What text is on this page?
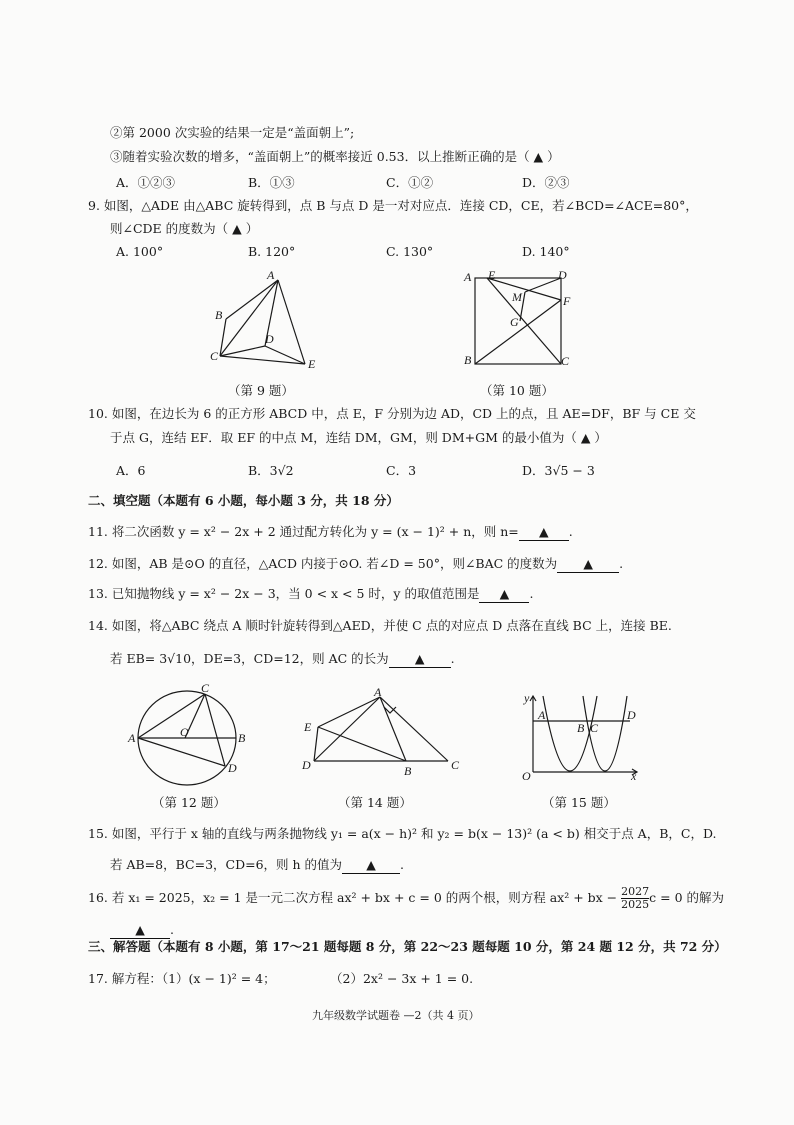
②第 2000 次实验的结果一定是“盖面朝上”;
③随着实验次数的增多，“盖面朝上”的概率接近 0.53．以上推断正确的是（ ▲ ）
A．①②③	B．①③	C．①②	D．②③
9. 如图，△ADE 由△ABC 旋转得到，点 B 与点 D 是一对对应点．连接 CD，CE，若∠BCD=∠ACE=80°，
则∠CDE 的度数为（ ▲ ）
A. 100°	B. 120°	C. 130°	D. 140°
A
B
C
D
E
（第 9 题）
A E	D
M	F
G
B	C
（第 10 题）
10. 如图，在边长为 6 的正方形 ABCD 中，点 E，F 分别为边 AD，CD 上的点，且 AE=DF，BF 与 CE 交
于点 G，连结 EF．取 EF 的中点 M，连结 DM，GM，则 DM+GM 的最小值为（ ▲ ）
A．6	B．3√2	C．3	D．3√5 − 3
二、填空题（本题有 6 小题，每小题 3 分，共 18 分）
11. 将二次函数 y = x² − 2x + 2 通过配方转化为 y = (x − 1)² + n，则 n= ▲ .
12. 如图，AB 是⊙O 的直径，△ACD 内接于⊙O. 若∠D = 50°，则∠BAC 的度数为 ▲ .
13. 已知抛物线 y = x² − 2x − 3，当 0 < x < 5 时，y 的取值范围是 ▲ .
14. 如图，将△ABC 绕点 A 顺时针旋转得到△AED，并使 C 点的对应点 D 点落在直线 BC 上，连接 BE.
若 EB= 3√10，DE=3，CD=12，则 AC 的长为 ▲ .
C
A	O	B
D
（第 12 题）
A
E
D	B	C
（第 14 题）
y
A
B C
D
O	x
（第 15 题）
15. 如图，平行于 x 轴的直线与两条抛物线 y₁ = a(x − h)² 和 y₂ = b(x − 13)² (a < b) 相交于点 A，B，C，D.
若 AB=8，BC=3，CD=6，则 h 的值为 ▲ .
16. 若 x₁ = 2025，x₂ = 1 是一元二次方程 ax² + bx + c = 0 的两个根，则方程 ax² + bx − $\frac{2027}{2025}$ c = 0 的解为
▲ .
三、解答题（本题有 8 小题，第 17～21 题每题 8 分，第 22～23 题每题 10 分，第 24 题 12 分，共 72 分）
17. 解方程：（1）(x − 1)² = 4；	（2）2x² − 3x + 1 = 0.
九年级数学试题卷 —2（共 4 页）
